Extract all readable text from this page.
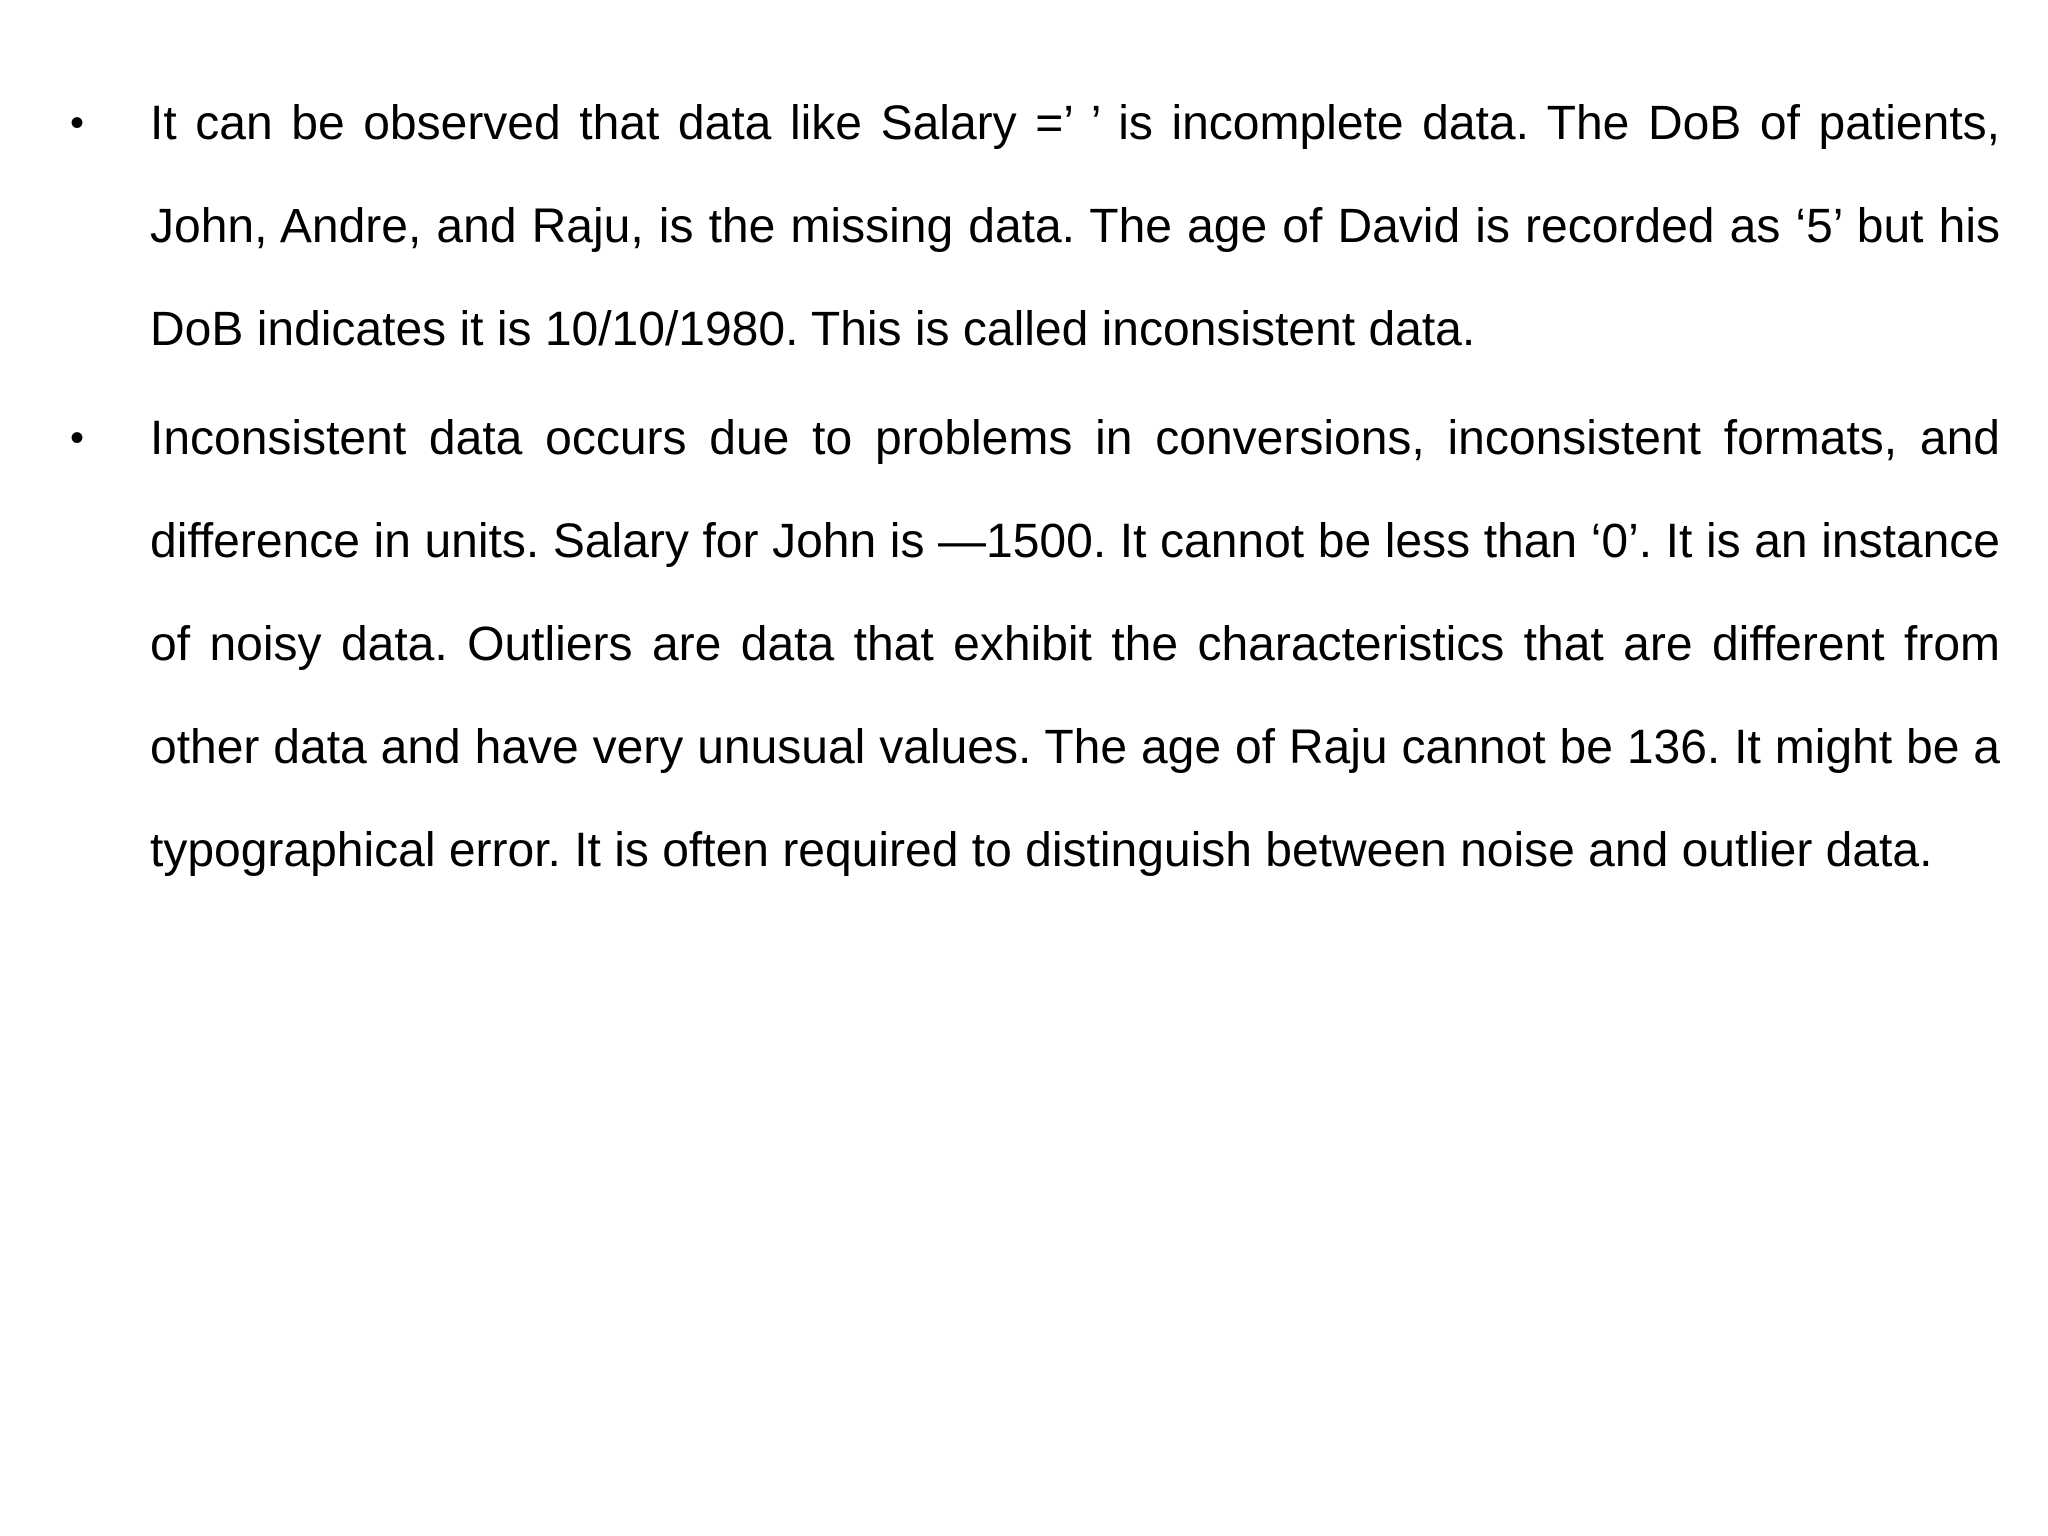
•	It can be observed that data like Salary =’ ’ is incomplete data. The DoB of patients, John, Andre, and Raju, is the missing data. The age of David is recorded as ‘5’ but his DoB indicates it is 10/10/1980. This is called inconsistent data.
•	Inconsistent data occurs due to problems in conversions, inconsistent formats, and difference in units. Salary for John is —1500. It cannot be less than ‘0’. It is an instance of noisy data. Outliers are data that exhibit the characteristics that are different from other data and have very unusual values. The age of Raju cannot be 136. It might be a typographical error. It is often required to distinguish between noise and outlier data.
